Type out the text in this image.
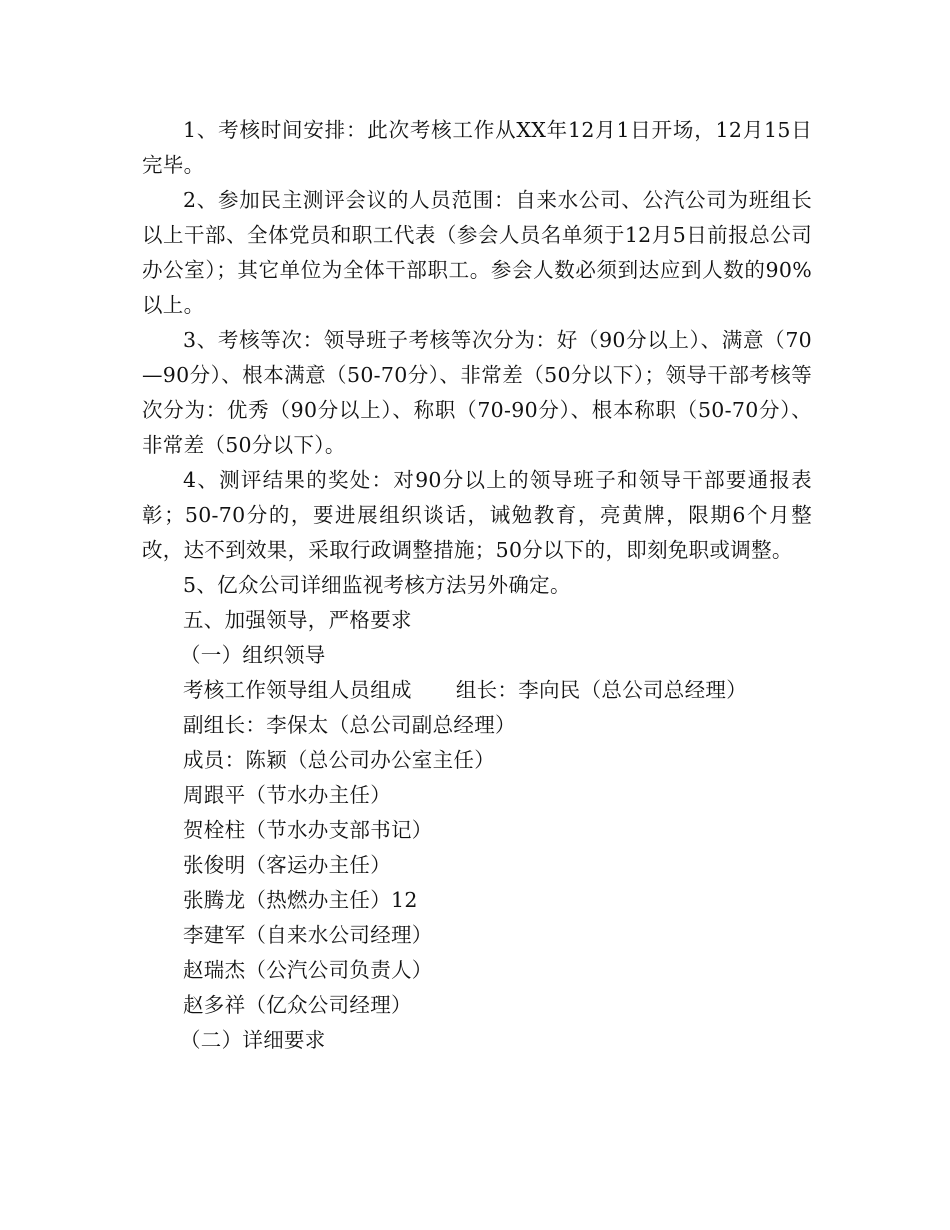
1、考核时间安排：此次考核工作从XX年12月1日开场，12月15日完毕。

2、参加民主测评会议的人员范围：自来水公司、公汽公司为班组长以上干部、全体党员和职工代表（参会人员名单须于12月5日前报总公司办公室）；其它单位为全体干部职工。参会人数必须到达应到人数的90%以上。

3、考核等次：领导班子考核等次分为：好（90分以上）、满意（70—90分）、根本满意（50-70分）、非常差（50分以下）；领导干部考核等次分为：优秀（90分以上）、称职（70-90分）、根本称职（50-70分）、非常差（50分以下）。

4、测评结果的奖处：对90分以上的领导班子和领导干部要通报表彰；50-70分的，要进展组织谈话，诫勉教育，亮黄牌，限期6个月整改，达不到效果，采取行政调整措施；50分以下的，即刻免职或调整。

5、亿众公司详细监视考核方法另外确定。

五、加强领导，严格要求

（一）组织领导

考核工作领导组人员组成 组长：李向民（总公司总经理）

副组长：李保太（总公司副总经理）

成员：陈颖（总公司办公室主任）

周跟平（节水办主任）

贺栓柱（节水办支部书记）

张俊明（客运办主任）

张腾龙（热燃办主任）12

李建军（自来水公司经理）

赵瑞杰（公汽公司负责人）

赵多祥（亿众公司经理）

（二）详细要求
